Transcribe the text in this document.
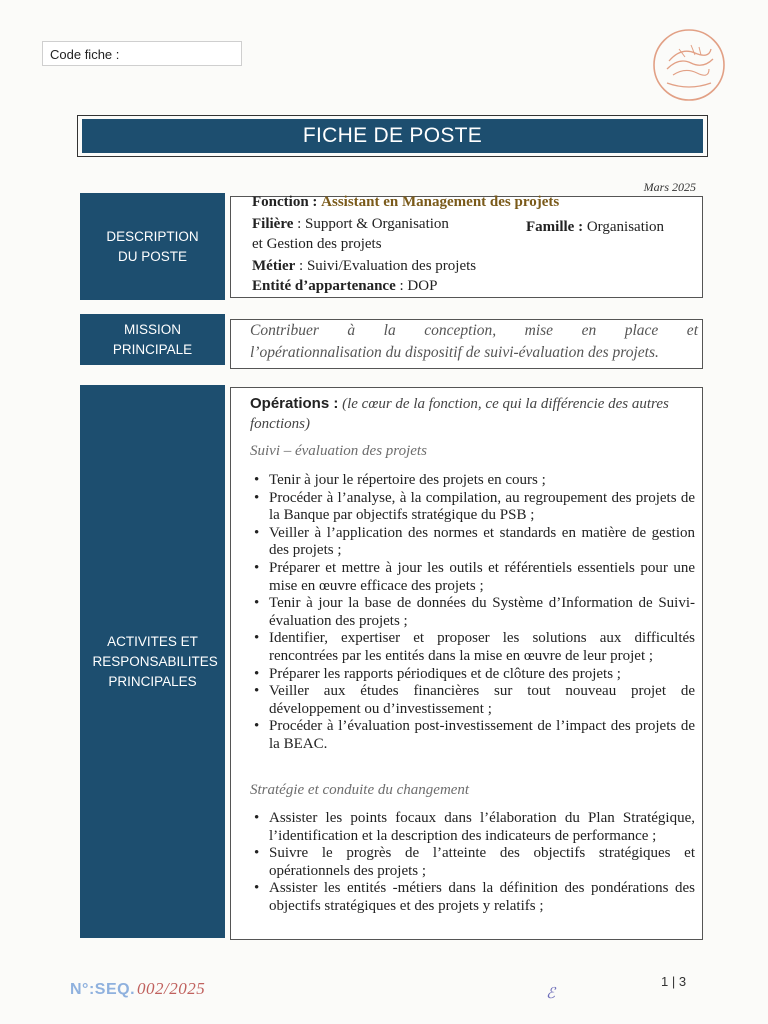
Code fiche :
FICHE DE POSTE
Mars 2025
DESCRIPTION DU POSTE
Fonction : Assistant en Management des projets
Filière : Support & Organisation	Famille : Organisation
et Gestion des projets
Métier : Suivi/Evaluation des projets
Entité d’appartenance : DOP
MISSION PRINCIPALE
Contribuer à la conception, mise en place et
l’opérationnalisation du dispositif de suivi-évaluation des projets.
ACTIVITES ET RESPONSABILITES PRINCIPALES
Opérations : (le cœur de la fonction, ce qui la différencie des autres fonctions)
Suivi – évaluation des projets
• Tenir à jour le répertoire des projets en cours ;
• Procéder à l’analyse, à la compilation, au regroupement des projets de la Banque par objectifs stratégique du PSB ;
• Veiller à l’application des normes et standards en matière de gestion des projets ;
• Préparer et mettre à jour les outils et référentiels essentiels pour une mise en œuvre efficace des projets ;
• Tenir à jour la base de données du Système d’Information de Suivi-évaluation des projets ;
• Identifier, expertiser et proposer les solutions aux difficultés rencontrées par les entités dans la mise en œuvre de leur projet ;
• Préparer les rapports périodiques et de clôture des projets ;
• Veiller aux études financières sur tout nouveau projet de développement ou d’investissement ;
• Procéder à l’évaluation post-investissement de l’impact des projets de la BEAC.
Stratégie et conduite du changement
• Assister les points focaux dans l’élaboration du Plan Stratégique, l’identification et la description des indicateurs de performance ;
• Suivre le progrès de l’atteinte des objectifs stratégiques et opérationnels des projets ;
• Assister les entités -métiers dans la définition des pondérations des objectifs stratégiques et des projets y relatifs ;
1 | 3
N°:SEQ. 002/2025	ℰ
